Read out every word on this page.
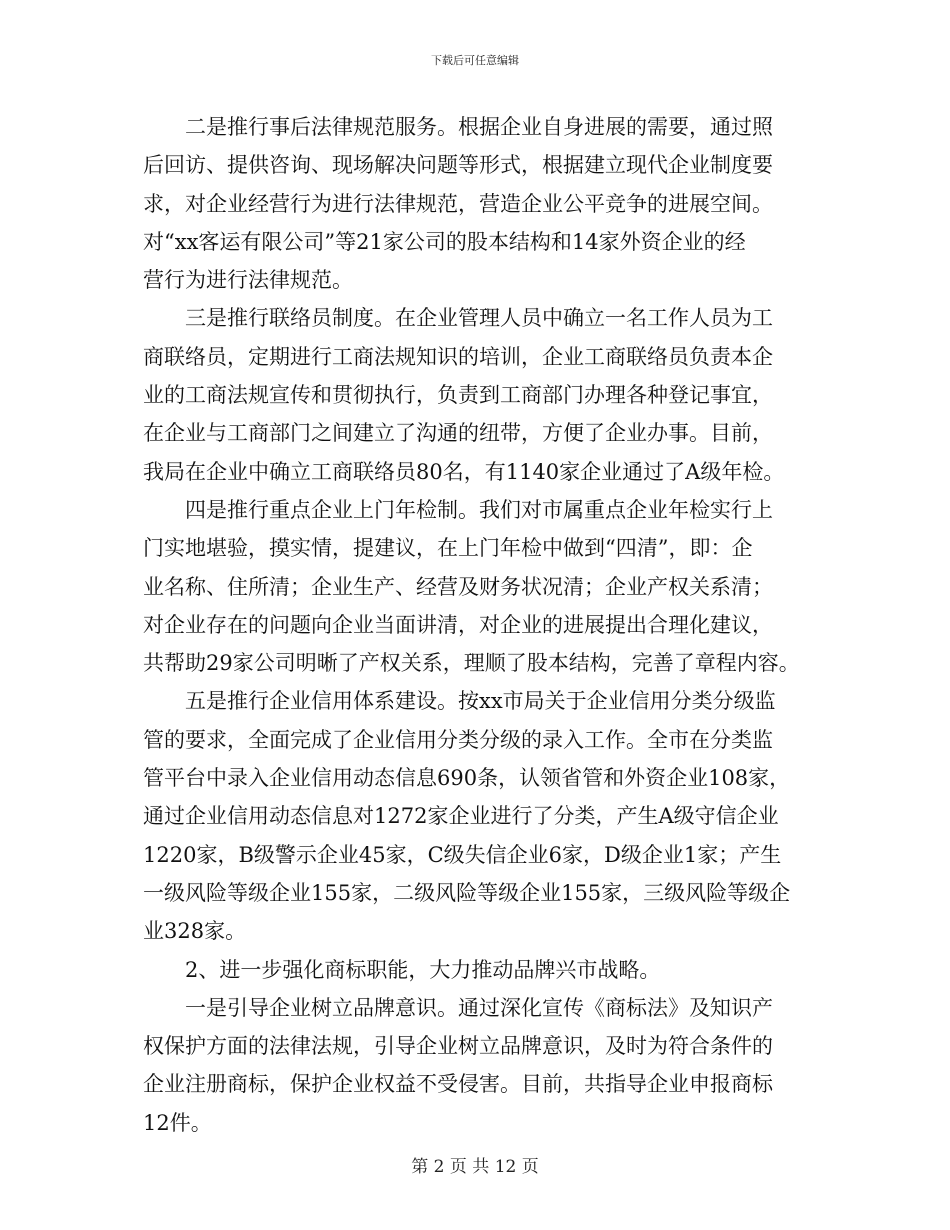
下载后可任意编辑
二是推行事后法律规范服务。根据企业自身进展的需要，通过照
后回访、提供咨询、现场解决问题等形式，根据建立现代企业制度要
求，对企业经营行为进行法律规范，营造企业公平竞争的进展空间。
对“xx客运有限公司”等21家公司的股本结构和14家外资企业的经
营行为进行法律规范。
三是推行联络员制度。在企业管理人员中确立一名工作人员为工
商联络员，定期进行工商法规知识的培训，企业工商联络员负责本企
业的工商法规宣传和贯彻执行，负责到工商部门办理各种登记事宜，
在企业与工商部门之间建立了沟通的纽带，方便了企业办事。目前，
我局在企业中确立工商联络员80名，有1140家企业通过了A级年检。
四是推行重点企业上门年检制。我们对市属重点企业年检实行上
门实地堪验，摸实情，提建议，在上门年检中做到“四清”，即：企
业名称、住所清；企业生产、经营及财务状况清；企业产权关系清；
对企业存在的问题向企业当面讲清，对企业的进展提出合理化建议，
共帮助29家公司明晰了产权关系，理顺了股本结构，完善了章程内容。
五是推行企业信用体系建设。按xx市局关于企业信用分类分级监
管的要求，全面完成了企业信用分类分级的录入工作。全市在分类监
管平台中录入企业信用动态信息690条，认领省管和外资企业108家，
通过企业信用动态信息对1272家企业进行了分类，产生A级守信企业
1220家，B级警示企业45家，C级失信企业6家，D级企业1家；产生
一级风险等级企业155家，二级风险等级企业155家，三级风险等级企
业328家。
2、进一步强化商标职能，大力推动品牌兴市战略。
一是引导企业树立品牌意识。通过深化宣传《商标法》及知识产
权保护方面的法律法规，引导企业树立品牌意识，及时为符合条件的
企业注册商标，保护企业权益不受侵害。目前，共指导企业申报商标
12件。
第 2 页 共 12 页
